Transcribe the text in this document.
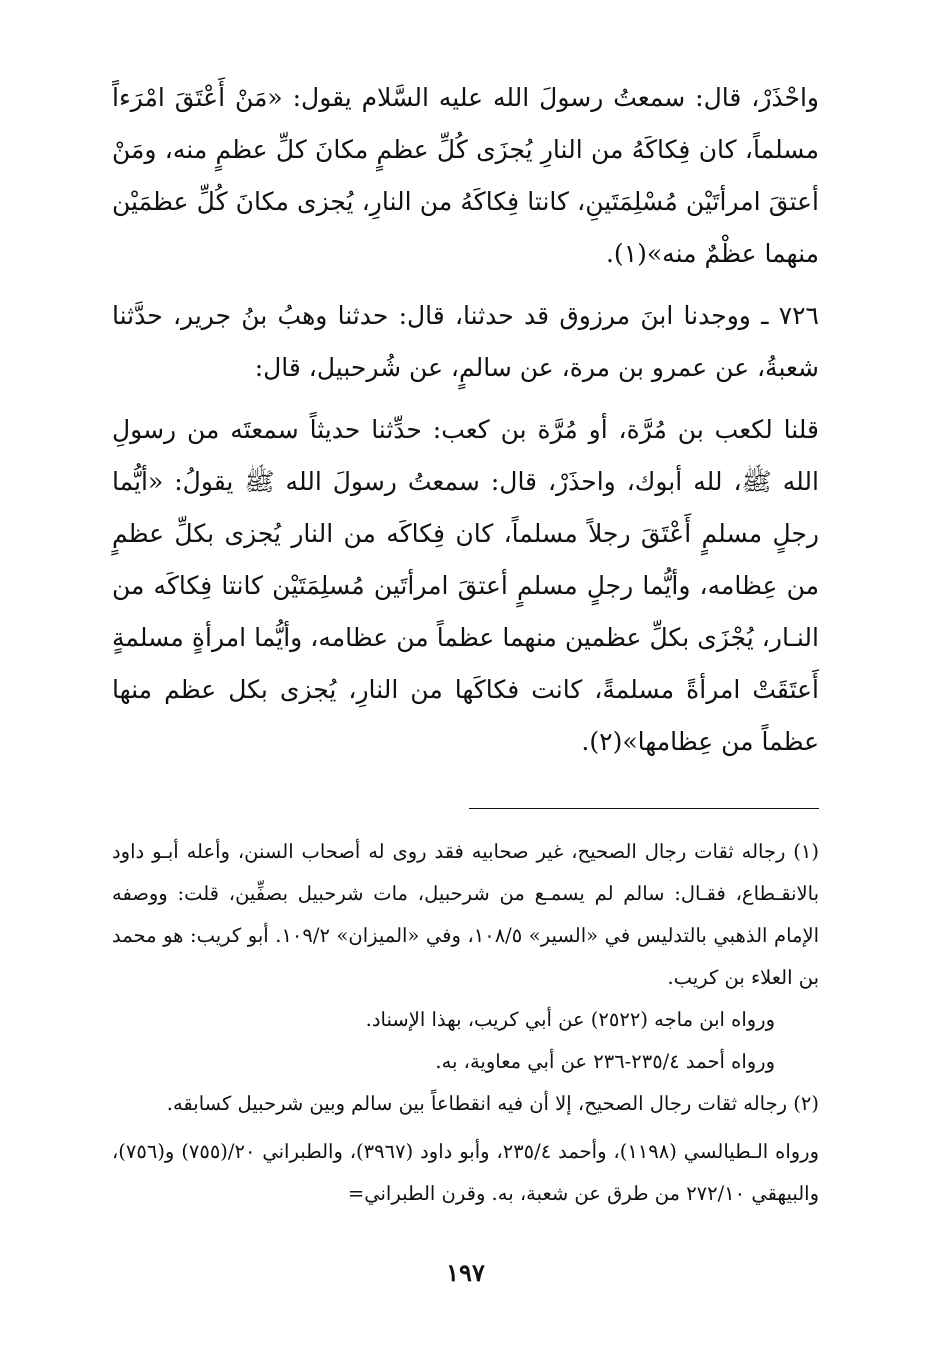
واحْذَرْ، قال: سمعتُ رسولَ الله عليه السَّلام يقول: «مَنْ أَعْتَقَ امْرَءاً مسلماً، كان فِكاكَهُ من النارِ يُجزَى كُلِّ عظمٍ مكانَ كلِّ عظمٍ منه، ومَنْ أعتقَ امرأتَيْن مُسْلِمَتَينِ، كانتا فِكاكَهُ من النارِ، يُجزى مكانَ كُلِّ عظمَيْن منهما عظْمٌ منه»(١).

٧٢٦ ـ ووجدنا ابنَ مرزوق قد حدثنا، قال: حدثنا وهبُ بنُ جرير، حدَّثنا شعبةُ، عن عمرو بن مرة، عن سالمٍ، عن شُرحبيل، قال:

قلنا لكعب بن مُرَّة، أو مُرَّة بن كعب: حدِّثنا حديثاً سمعتَه من رسولِ الله ﷺ، لله أبوك، واحذَرْ، قال: سمعتُ رسولَ الله ﷺ يقولُ: «أيُّما رجلٍ مسلمٍ أَعْتَقَ رجلاً مسلماً، كان فِكاكَه من النار يُجزى بكلِّ عظمٍ من عِظامه، وأيُّما رجلٍ مسلمٍ أعتقَ امرأتَين مُسلِمَتَيْن كانتا فِكاكَه من النـار، يُجْزَى بكلِّ عظمين منهما عظماً من عظامه، وأيُّما امرأةٍ مسلمةٍ أَعتَقَتْ امرأةً مسلمةً، كانت فكاكَها من النارِ، يُجزى بكل عظم منها عظماً من عِظامها»(٢).

(١) رجاله ثقات رجال الصحيح، غير صحابيه فقد روى له أصحاب السنن، وأعله أبـو داود بالانقـطاع، فقـال: سالم لم يسمـع من شرحبيل، مات شرحبيل بصفِّين، قلت: ووصفه الإمام الذهبي بالتدليس في «السير» ١٠٨/٥، وفي «الميزان» ١٠٩/٢. أبو كريب: هو محمد بن العلاء بن كريب.

ورواه ابن ماجه (٢٥٢٢) عن أبي كريب، بهذا الإسناد.

ورواه أحمد ٢٣٥/٤-٢٣٦ عن أبي معاوية، به.

(٢) رجاله ثقات رجال الصحيح، إلا أن فيه انقطاعاً بين سالم وبين شرحبيل كسابقه.

ورواه الـطيالسي (١١٩٨)، وأحمد ٢٣٥/٤، وأبو داود (٣٩٦٧)، والطبراني ٢٠/(٧٥٥) و(٧٥٦)، والبيهقي ٢٧٢/١٠ من طرق عن شعبة، به. وقرن الطبراني=

١٩٧
